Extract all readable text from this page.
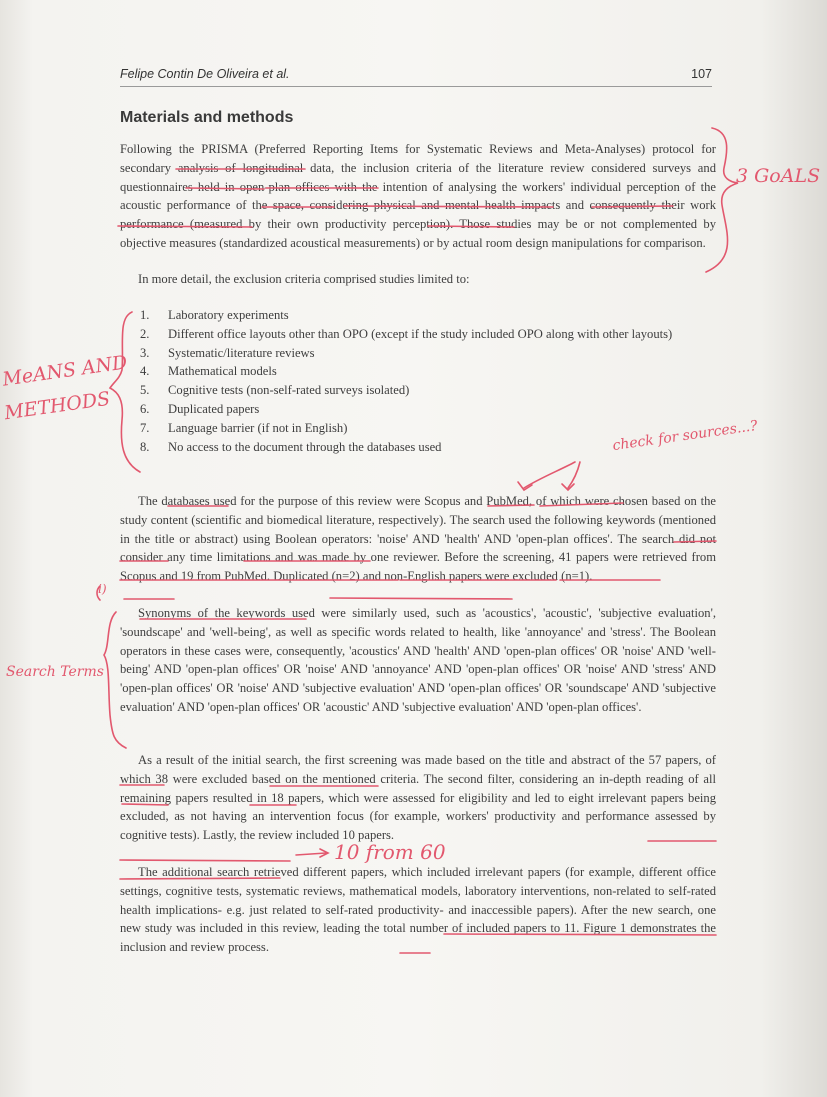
Felipe Contin De Oliveira et al.	107
Materials and methods

Following the PRISMA (Preferred Reporting Items for Systematic Reviews and Meta-Analyses) protocol for secondary analysis of longitudinal data, the inclusion criteria of the literature review considered surveys and questionnaires held in open-plan offices with the intention of analysing the workers' individual perception of the acoustic performance of the space, considering physical and mental health impacts and consequently their work performance (measured by their own productivity perception). Those studies may be or not complemented by objective measures (standardized acoustical measurements) or by actual room design manipulations for comparison.

In more detail, the exclusion criteria comprised studies limited to:

1. Laboratory experiments
2. Different office layouts other than OPO (except if the study included OPO along with other layouts)
3. Systematic/literature reviews
4. Mathematical models
5. Cognitive tests (non-self-rated surveys isolated)
6. Duplicated papers
7. Language barrier (if not in English)
8. No access to the document through the databases used

The databases used for the purpose of this review were Scopus and PubMed, of which were chosen based on the study content (scientific and biomedical literature, respectively). The search used the following keywords (mentioned in the title or abstract) using Boolean operators: 'noise' AND 'health' AND 'open-plan offices'. The search did not consider any time limitations and was made by one reviewer. Before the screening, 41 papers were retrieved from Scopus and 19 from PubMed. Duplicated (n=2) and non-English papers were excluded (n=1).

Synonyms of the keywords used were similarly used, such as 'acoustics', 'acoustic', 'subjective evaluation', 'soundscape' and 'well-being', as well as specific words related to health, like 'annoyance' and 'stress'. The Boolean operators in these cases were, consequently, 'acoustics' AND 'health' AND 'open-plan offices' OR 'noise' AND 'well-being' AND 'open-plan offices' OR 'noise' AND 'annoyance' AND 'open-plan offices' OR 'noise' AND 'stress' AND 'open-plan offices' OR 'noise' AND 'subjective evaluation' AND 'open-plan offices' OR 'soundscape' AND 'subjective evaluation' AND 'open-plan offices' OR 'acoustic' AND 'subjective evaluation' AND 'open-plan offices'.

As a result of the initial search, the first screening was made based on the title and abstract of the 57 papers, of which 38 were excluded based on the mentioned criteria. The second filter, considering an in-depth reading of all remaining papers resulted in 18 papers, which were assessed for eligibility and led to eight irrelevant papers being excluded, as not having an intervention focus (for example, workers' productivity and performance assessed by cognitive tests). Lastly, the review included 10 papers.

The additional search retrieved different papers, which included irrelevant papers (for example, different office settings, cognitive tests, systematic reviews, mathematical models, laboratory interventions, non-related to self-rated health implications- e.g. just related to self-rated productivity- and inaccessible papers). After the new search, one new study was included in this review, leading the total number of included papers to 11. Figure 1 demonstrates the inclusion and review process.

3 GoALS
MeANS AND
METHODS
check for sources...?
Search Terms
10 from 60
i)
